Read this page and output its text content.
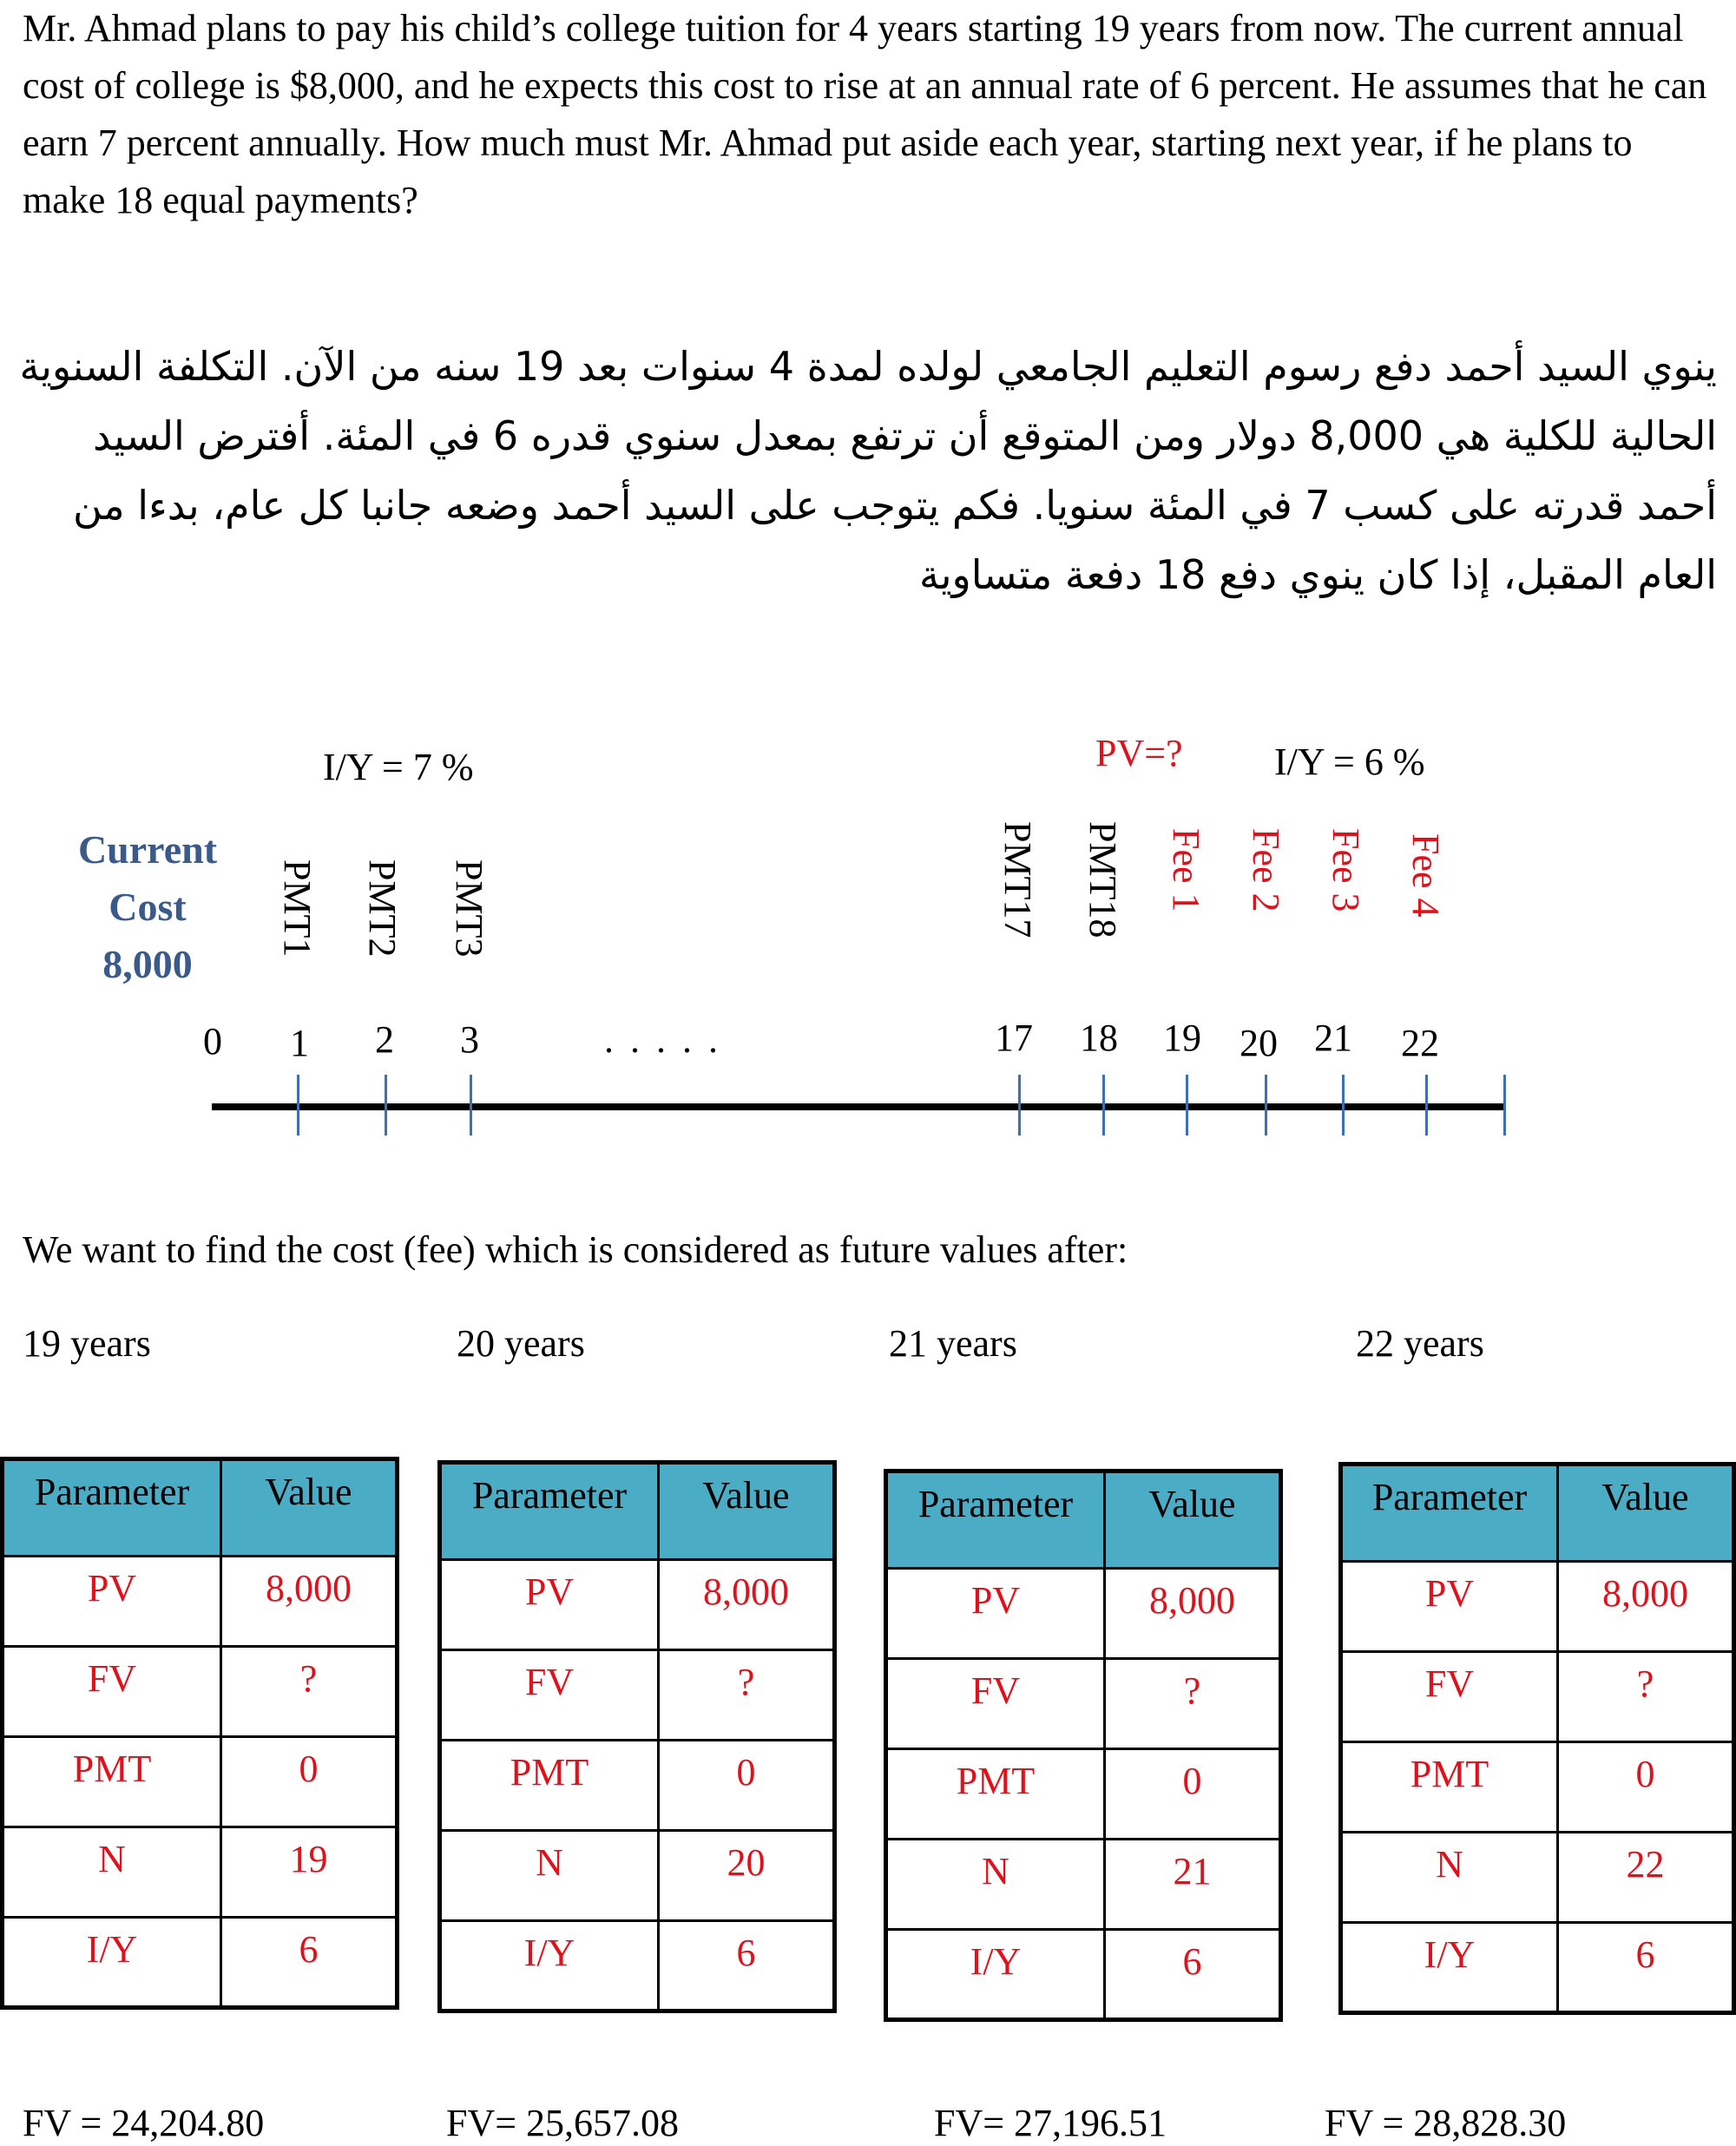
Mr. Ahmad plans to pay his child’s college tuition for 4 years starting 19 years from now. The current annual cost of college is $8,000, and he expects this cost to rise at an annual rate of 6 percent. He assumes that he can earn 7 percent annually. How much must Mr. Ahmad put aside each year, starting next year, if he plans to make 18 equal payments?

ينوي السيد أحمد دفع رسوم التعليم الجامعي لولده لمدة 4 سنوات بعد 19 سنه من الآن. التكلفة السنوية الحالية للكلية هي 8,000 دولار ومن المتوقع أن ترتفع بمعدل سنوي قدره 6 في المئة. أفترض السيد أحمد قدرته على كسب 7 في المئة سنويا. فكم يتوجب على السيد أحمد وضعه جانبا كل عام، بدءا من العام المقبل، إذا كان ينوي دفع 18 دفعة متساوية

I/Y = 7 %	PV=? I/Y = 6 %
Current
Cost
8,000
PMT1 PMT2 PMT3	PMT17 PMT18 Fee 1 Fee 2 Fee 3 Fee 4
0 1 2 3	. . . . .	17 18 19 20 21 22
We want to find the cost (fee) which is considered as future values after:
19 years	20 years	21 years	22 years
Parameter	Value
PV	8,000
FV	?
PMT	0
N	19
I/Y	6
Parameter	Value
PV	8,000
FV	?
PMT	0
N	20
I/Y	6
Parameter	Value
PV	8,000
FV	?
PMT	0
N	21
I/Y	6
Parameter	Value
PV	8,000
FV	?
PMT	0
N	22
I/Y	6
FV = 24,204.80	FV= 25,657.08	FV= 27,196.51	FV = 28,828.30
